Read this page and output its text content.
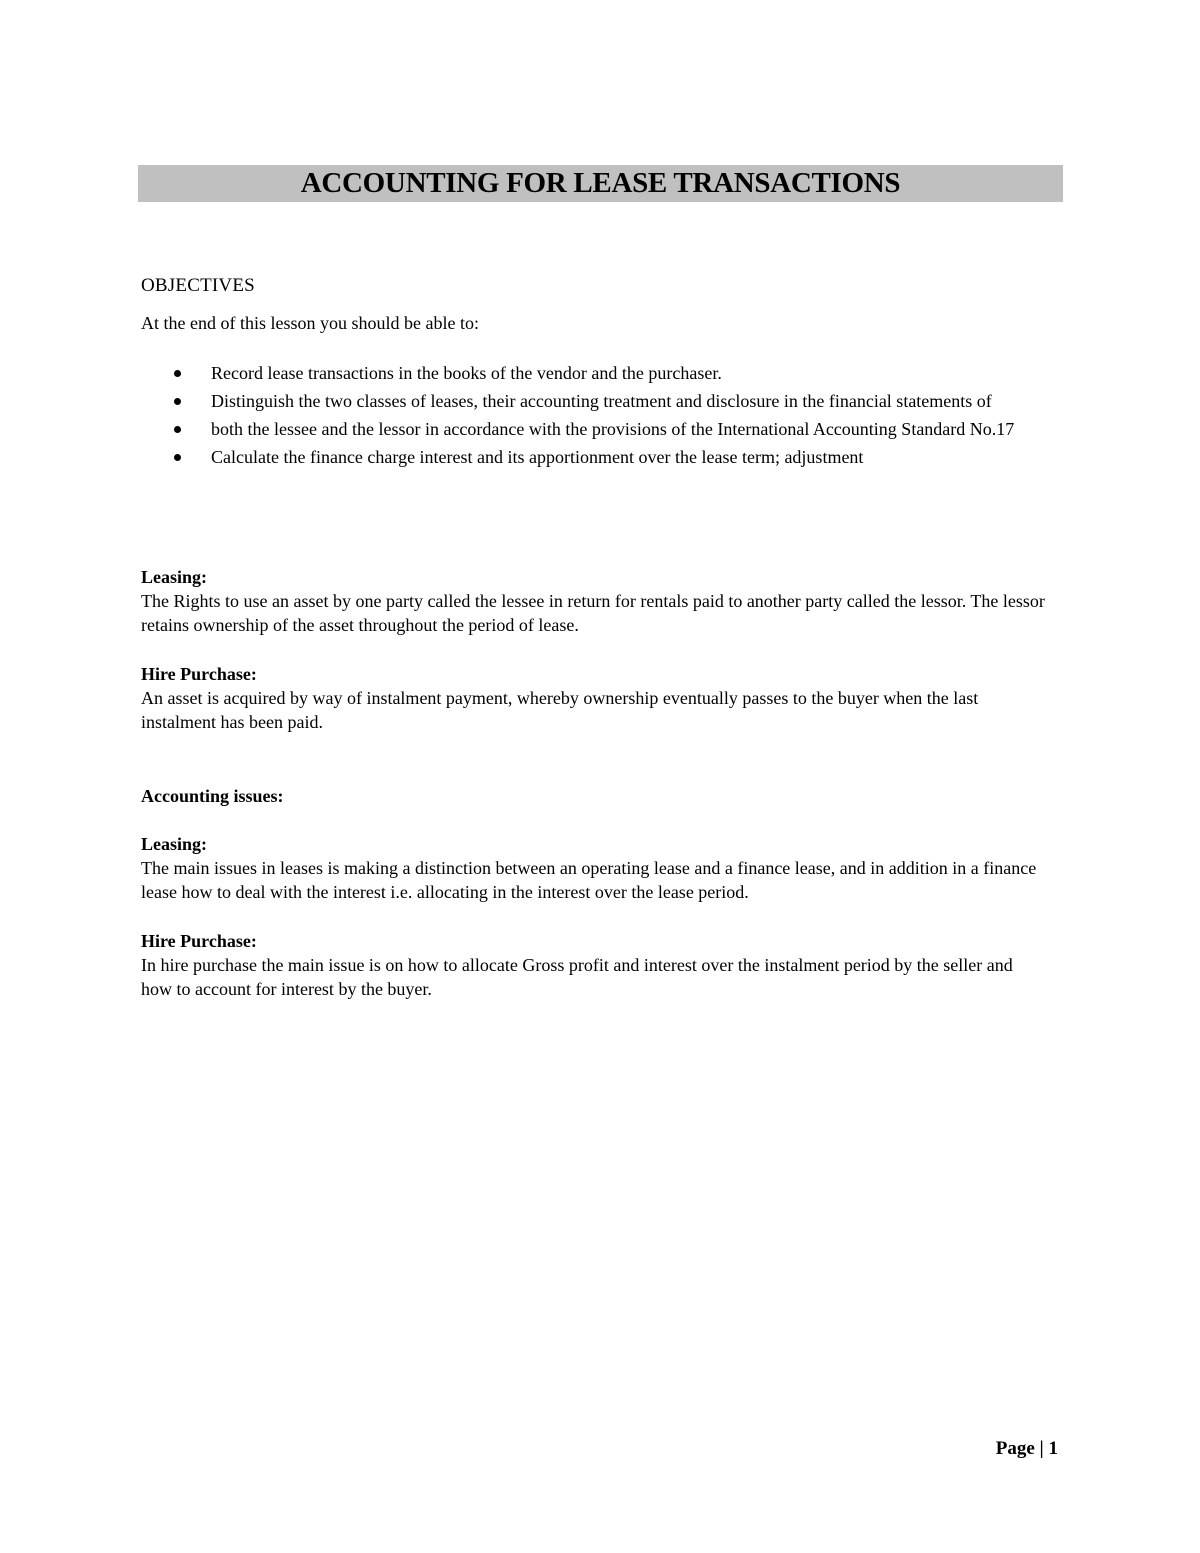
ACCOUNTING FOR LEASE TRANSACTIONS
OBJECTIVES
At the end of this lesson you should be able to:
Record lease transactions in the books of the vendor and the purchaser.
Distinguish the two classes of leases, their accounting treatment and disclosure in the financial statements of
both the lessee and the lessor in accordance with the provisions of the International Accounting Standard No.17
Calculate the finance charge interest and its apportionment over the lease term; adjustment
Leasing:
The Rights to use an asset by one party called the lessee in return for rentals paid to another party called the lessor. The lessor retains ownership of the asset throughout the period of lease.
Hire Purchase:
An asset is acquired by way of instalment payment, whereby ownership eventually passes to the buyer when the last instalment has been paid.
Accounting issues:
Leasing:
The main issues in leases is making a distinction between an operating lease and a finance lease, and in addition in a finance lease how to deal with the interest i.e. allocating in the interest over the lease period.
Hire Purchase:
In hire purchase the main issue is on how to allocate Gross profit and interest over the instalment period by the seller and how to account for interest by the buyer.
Page | 1
